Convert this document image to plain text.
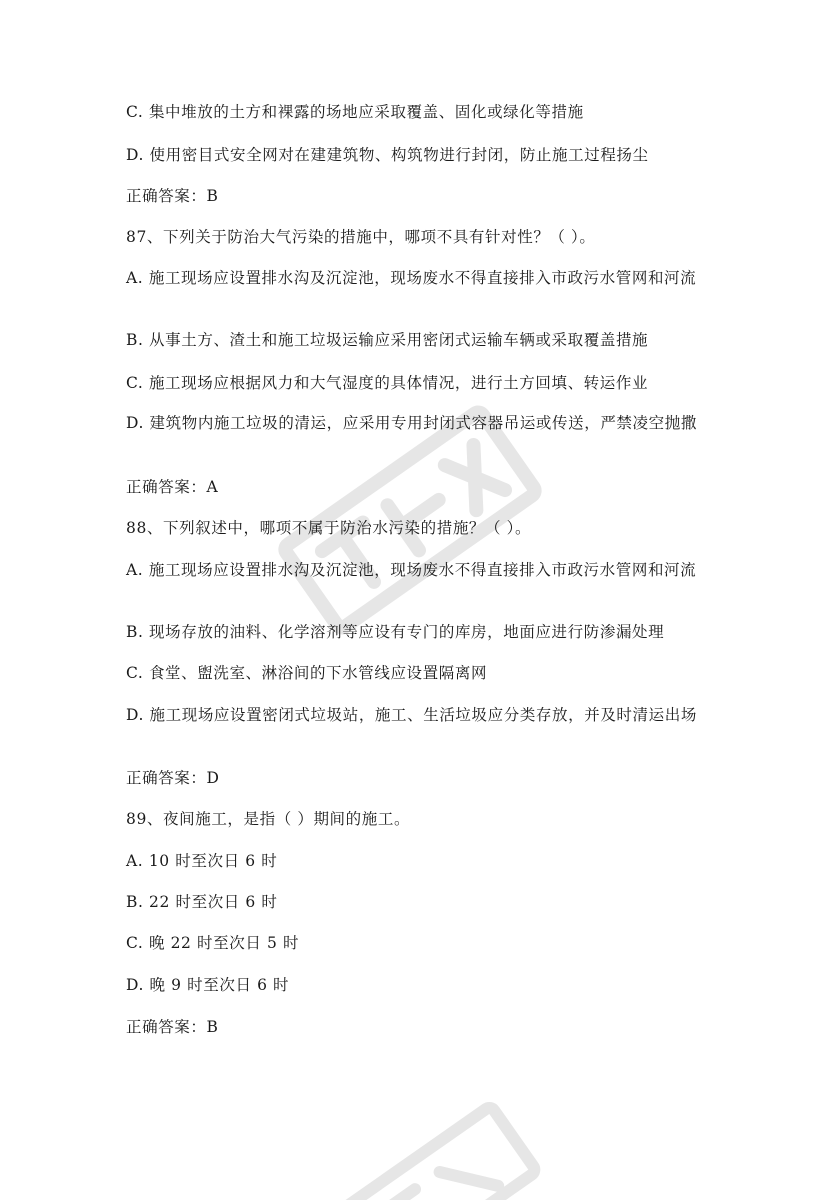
C. 集中堆放的土方和裸露的场地应采取覆盖、固化或绿化等措施
D. 使用密目式安全网对在建建筑物、构筑物进行封闭，防止施工过程扬尘
正确答案：B
87、下列关于防治大气污染的措施中，哪项不具有针对性？（ ）。
A. 施工现场应设置排水沟及沉淀池，现场废水不得直接排入市政污水管网和河流
B. 从事土方、渣土和施工垃圾运输应采用密闭式运输车辆或采取覆盖措施
C. 施工现场应根据风力和大气湿度的具体情况，进行土方回填、转运作业
D. 建筑物内施工垃圾的清运，应采用专用封闭式容器吊运或传送，严禁凌空抛撒
正确答案：A
88、下列叙述中，哪项不属于防治水污染的措施？（ ）。
A. 施工现场应设置排水沟及沉淀池，现场废水不得直接排入市政污水管网和河流
B. 现场存放的油料、化学溶剂等应设有专门的库房，地面应进行防渗漏处理
C. 食堂、盥洗室、淋浴间的下水管线应设置隔离网
D. 施工现场应设置密闭式垃圾站，施工、生活垃圾应分类存放，并及时清运出场
正确答案：D
89、夜间施工，是指（ ）期间的施工。
A. 10 时至次日 6 时
B. 22 时至次日 6 时
C. 晚 22 时至次日 5 时
D. 晚 9 时至次日 6 时
正确答案：B
